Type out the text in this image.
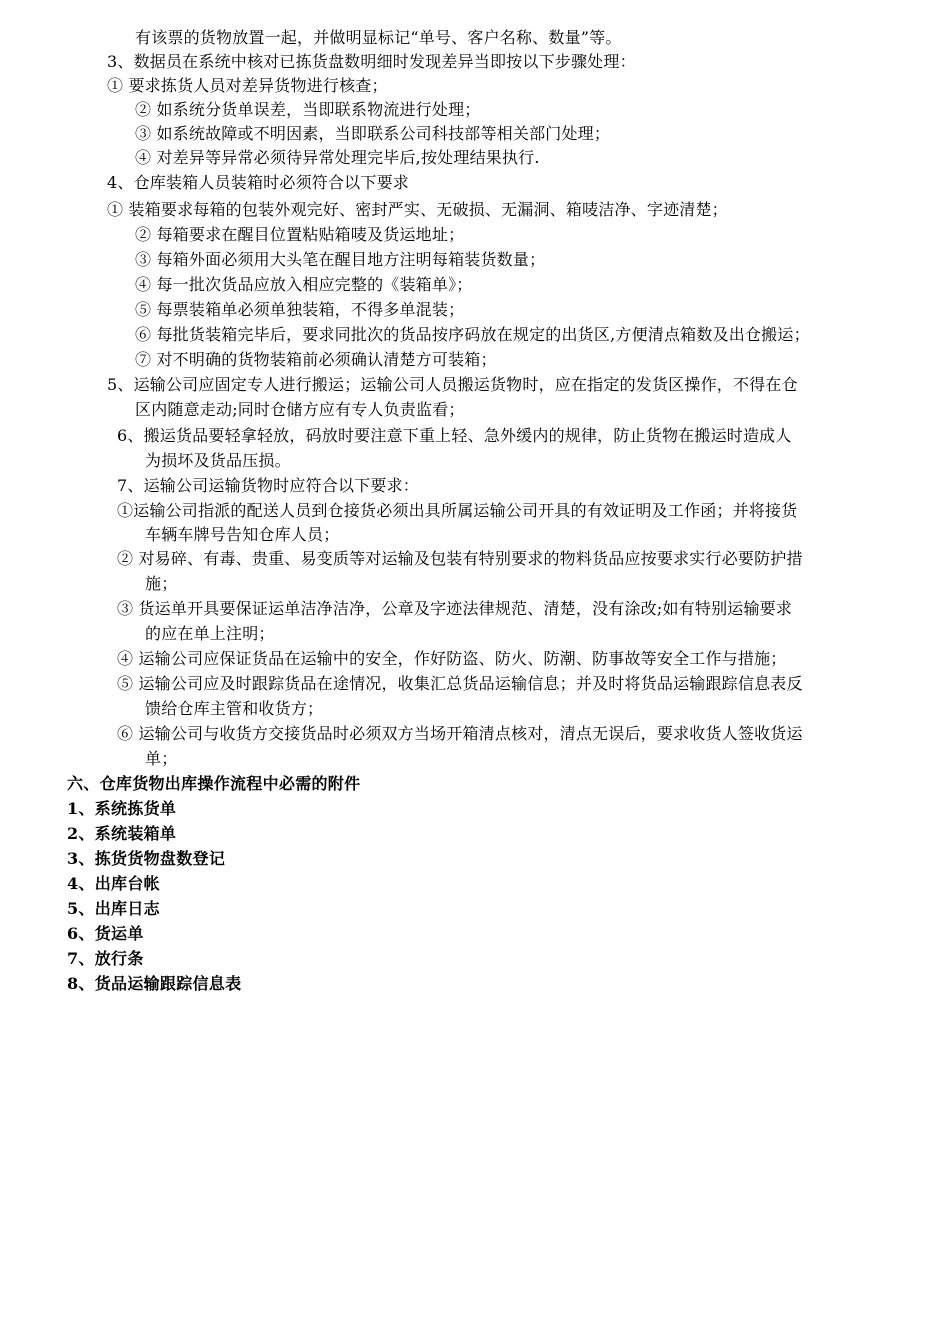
有该票的货物放置一起，并做明显标记“单号、客户名称、数量”等。
3、数据员在系统中核对已拣货盘数明细时发现差异当即按以下步骤处理：
① 要求拣货人员对差异货物进行核查；
② 如系统分货单误差，当即联系物流进行处理；
③ 如系统故障或不明因素，当即联系公司科技部等相关部门处理；
④ 对差异等异常必须待异常处理完毕后,按处理结果执行.
4、仓库装箱人员装箱时必须符合以下要求
① 装箱要求每箱的包装外观完好、密封严实、无破损、无漏洞、箱唛洁净、字迹清楚；
② 每箱要求在醒目位置粘贴箱唛及货运地址；
③ 每箱外面必须用大头笔在醒目地方注明每箱装货数量；
④ 每一批次货品应放入相应完整的《装箱单》；
⑤ 每票装箱单必须单独装箱，不得多单混装；
⑥ 每批货装箱完毕后，要求同批次的货品按序码放在规定的出货区,方便清点箱数及出仓搬运；
⑦ 对不明确的货物装箱前必须确认清楚方可装箱；
5、运输公司应固定专人进行搬运；运输公司人员搬运货物时，应在指定的发货区操作，不得在仓
区内随意走动;同时仓储方应有专人负责监看；
6、搬运货品要轻拿轻放，码放时要注意下重上轻、急外缓内的规律，防止货物在搬运时造成人
为损坏及货品压损。
7、运输公司运输货物时应符合以下要求：
①运输公司指派的配送人员到仓接货必须出具所属运输公司开具的有效证明及工作函；并将接货
车辆车牌号告知仓库人员；
② 对易碎、有毒、贵重、易变质等对运输及包装有特别要求的物料货品应按要求实行必要防护措
施；
③ 货运单开具要保证运单洁净洁净，公章及字迹法律规范、清楚，没有涂改;如有特别运输要求
的应在单上注明；
④ 运输公司应保证货品在运输中的安全，作好防盗、防火、防潮、防事故等安全工作与措施；
⑤ 运输公司应及时跟踪货品在途情况，收集汇总货品运输信息；并及时将货品运输跟踪信息表反
馈给仓库主管和收货方；
⑥ 运输公司与收货方交接货品时必须双方当场开箱清点核对，清点无误后，要求收货人签收货运
单；
六、仓库货物出库操作流程中必需的附件
1、系统拣货单
2、系统装箱单
3、拣货货物盘数登记
4、出库台帐
5、出库日志
6、货运单
7、放行条
8、货品运输跟踪信息表
